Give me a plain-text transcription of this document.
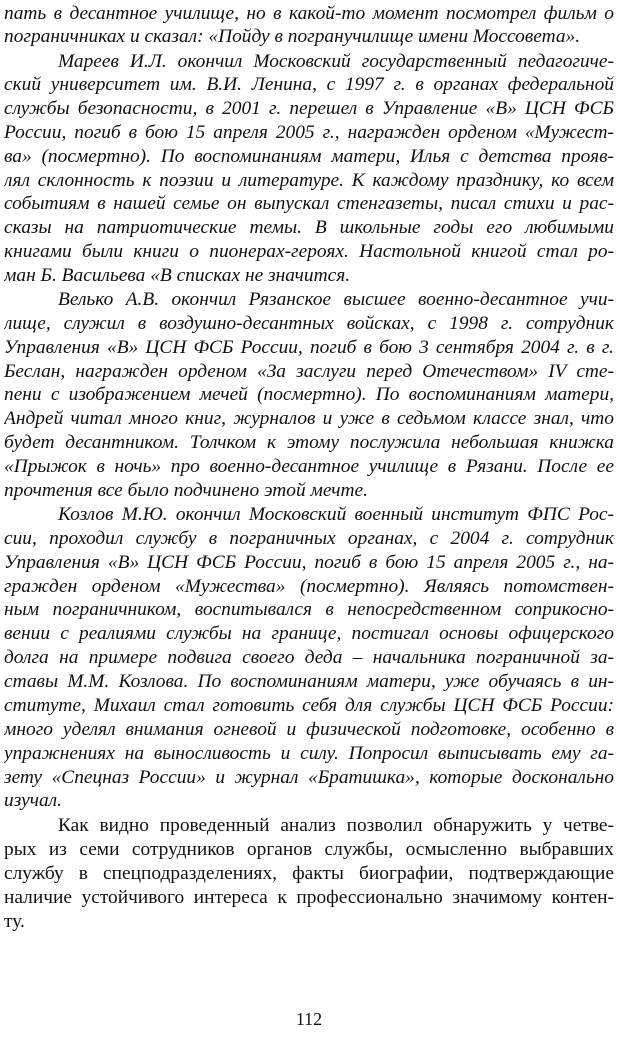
пать в десантное училище, но в какой-то момент посмотрел фильм о
пограничниках и сказал: «Пойду в погранучилище имени Моссовета».
Мареев И.Л. окончил Московский государственный педагогиче-
ский университет им. В.И. Ленина, с 1997 г. в органах федеральной
службы безопасности, в 2001 г. перешел в Управление «В» ЦСН ФСБ
России, погиб в бою 15 апреля 2005 г., награжден орденом «Мужест-
ва» (посмертно). По воспоминаниям матери, Илья с детства прояв-
лял склонность к поэзии и литературе. К каждому празднику, ко всем
событиям в нашей семье он выпускал стенгазеты, писал стихи и рас-
сказы на патриотические темы. В школьные годы его любимыми
книгами были книги о пионерах-героях. Настольной книгой стал ро-
ман Б. Васильева «В списках не значится.
Велько А.В. окончил Рязанское высшее военно-десантное учи-
лище, служил в воздушно-десантных войсках, с 1998 г. сотрудник
Управления «В» ЦСН ФСБ России, погиб в бою 3 сентября 2004 г. в г.
Беслан, награжден орденом «За заслуги перед Отечеством» IV сте-
пени с изображением мечей (посмертно). По воспоминаниям матери,
Андрей читал много книг, журналов и уже в седьмом классе знал, что
будет десантником. Толчком к этому послужила небольшая книжка
«Прыжок в ночь» про военно-десантное училище в Рязани. После ее
прочтения все было подчинено этой мечте.
Козлов М.Ю. окончил Московский военный институт ФПС Рос-
сии, проходил службу в пограничных органах, с 2004 г. сотрудник
Управления «В» ЦСН ФСБ России, погиб в бою 15 апреля 2005 г., на-
гражден орденом «Мужества» (посмертно). Являясь потомствен-
ным пограничником, воспитывался в непосредственном соприкосно-
вении с реалиями службы на границе, постигал основы офицерского
долга на примере подвига своего деда – начальника пограничной за-
ставы М.М. Козлова. По воспоминаниям матери, уже обучаясь в ин-
ституте, Михаил стал готовить себя для службы ЦСН ФСБ России:
много уделял внимания огневой и физической подготовке, особенно в
упражнениях на выносливость и силу. Попросил выписывать ему га-
зету «Спецназ России» и журнал «Братишка», которые досконально
изучал.
Как видно проведенный анализ позволил обнаружить у четве-
рых из семи сотрудников органов службы, осмысленно выбравших
службу в спецподразделениях, факты биографии, подтверждающие
наличие устойчивого интереса к профессионально значимому контен-
ту.
112
